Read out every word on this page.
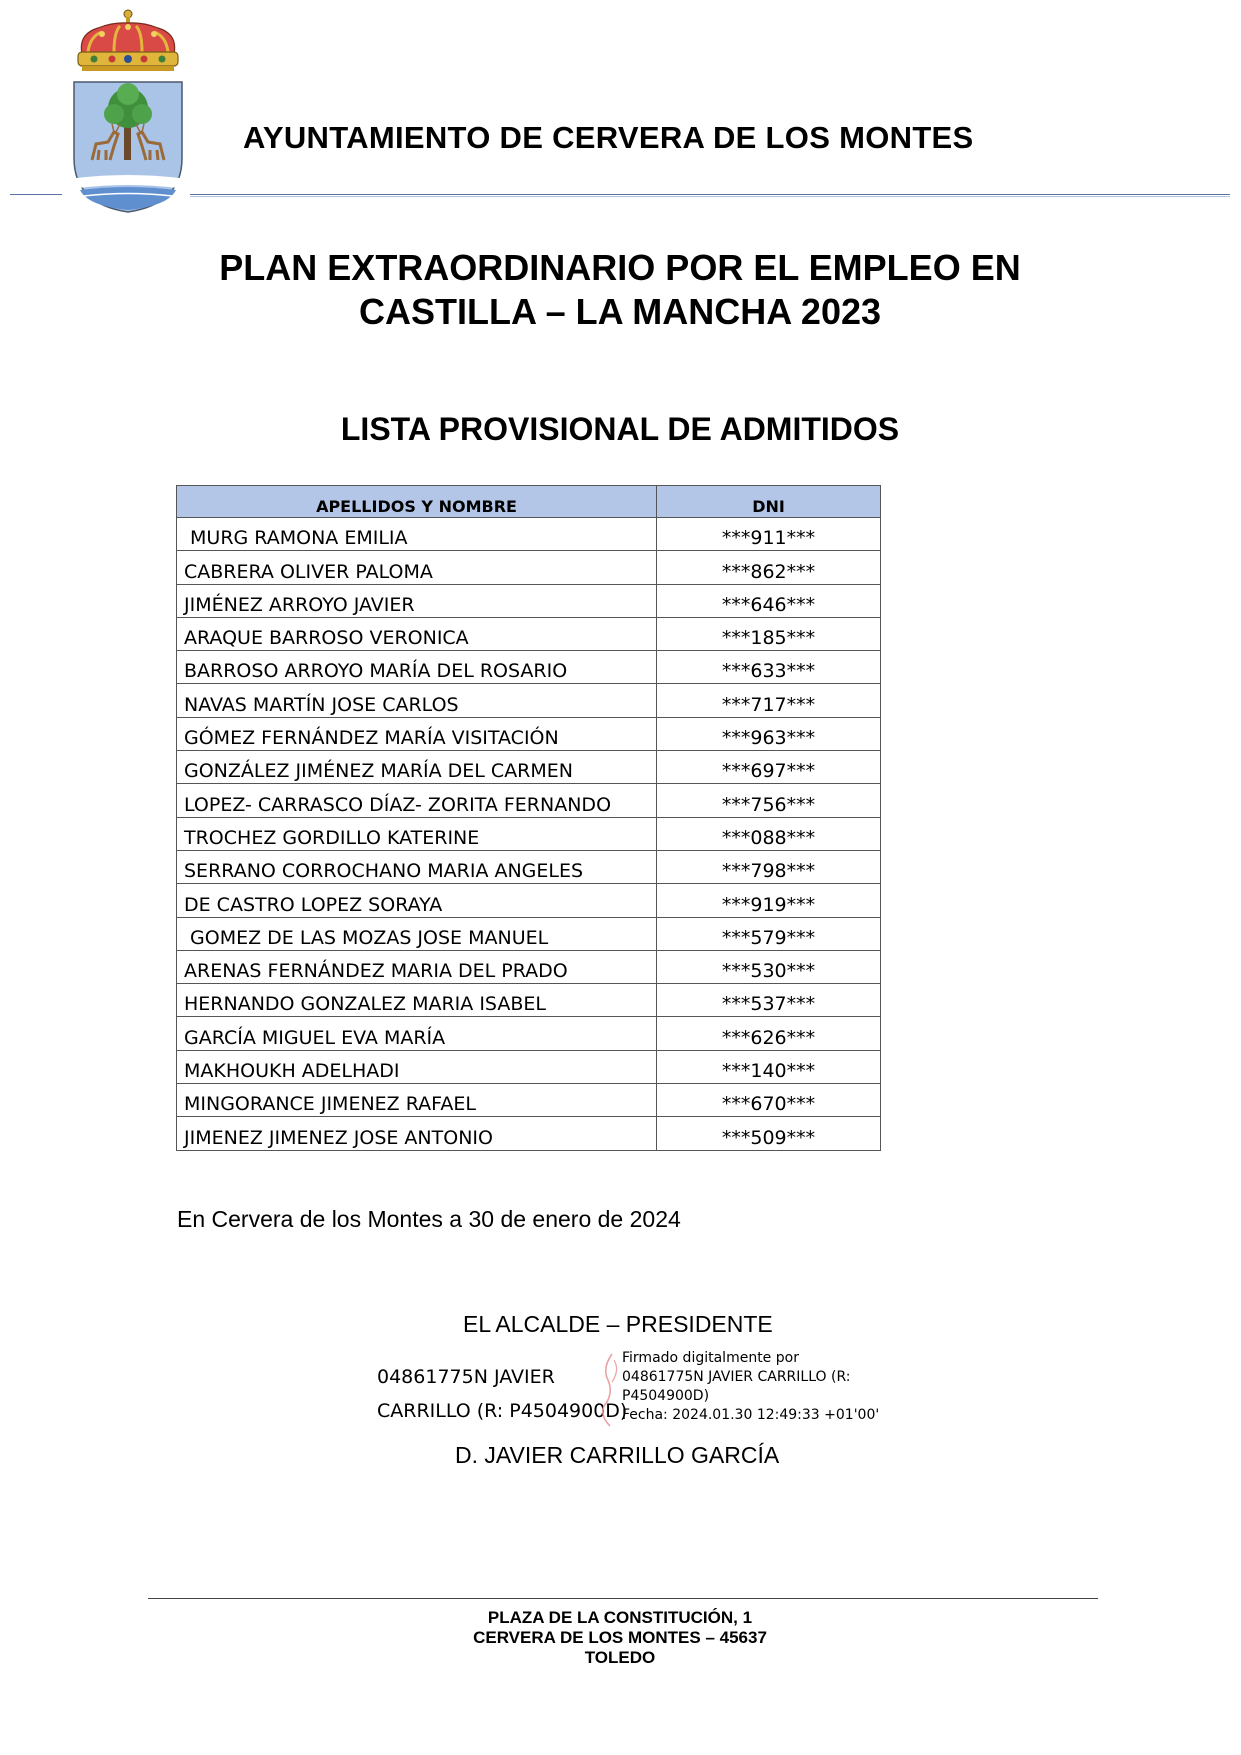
AYUNTAMIENTO DE CERVERA DE LOS MONTES
PLAN EXTRAORDINARIO POR EL EMPLEO EN
CASTILLA – LA MANCHA 2023
LISTA PROVISIONAL DE ADMITIDOS
APELLIDOS Y NOMBRE	DNI
MURG RAMONA EMILIA	***911***
CABRERA OLIVER PALOMA	***862***
JIMÉNEZ ARROYO JAVIER	***646***
ARAQUE BARROSO VERONICA	***185***
BARROSO ARROYO MARÍA DEL ROSARIO	***633***
NAVAS MARTÍN JOSE CARLOS	***717***
GÓMEZ FERNÁNDEZ MARÍA VISITACIÓN	***963***
GONZÁLEZ JIMÉNEZ MARÍA DEL CARMEN	***697***
LOPEZ- CARRASCO DÍAZ- ZORITA FERNANDO	***756***
TROCHEZ GORDILLO KATERINE	***088***
SERRANO CORROCHANO MARIA ANGELES	***798***
DE CASTRO LOPEZ SORAYA	***919***
GOMEZ DE LAS MOZAS JOSE MANUEL	***579***
ARENAS FERNÁNDEZ MARIA DEL PRADO	***530***
HERNANDO GONZALEZ MARIA ISABEL	***537***
GARCÍA MIGUEL EVA MARÍA	***626***
MAKHOUKH ADELHADI	***140***
MINGORANCE JIMENEZ RAFAEL	***670***
JIMENEZ JIMENEZ JOSE ANTONIO	***509***
En Cervera de los Montes a 30 de enero de 2024
EL ALCALDE – PRESIDENTE
04861775N JAVIER
CARRILLO (R: P4504900D)
Firmado digitalmente por
04861775N JAVIER CARRILLO (R:
P4504900D)
Fecha: 2024.01.30 12:49:33 +01'00'
D. JAVIER CARRILLO GARCÍA
PLAZA DE LA CONSTITUCIÓN, 1
CERVERA DE LOS MONTES – 45637
TOLEDO
